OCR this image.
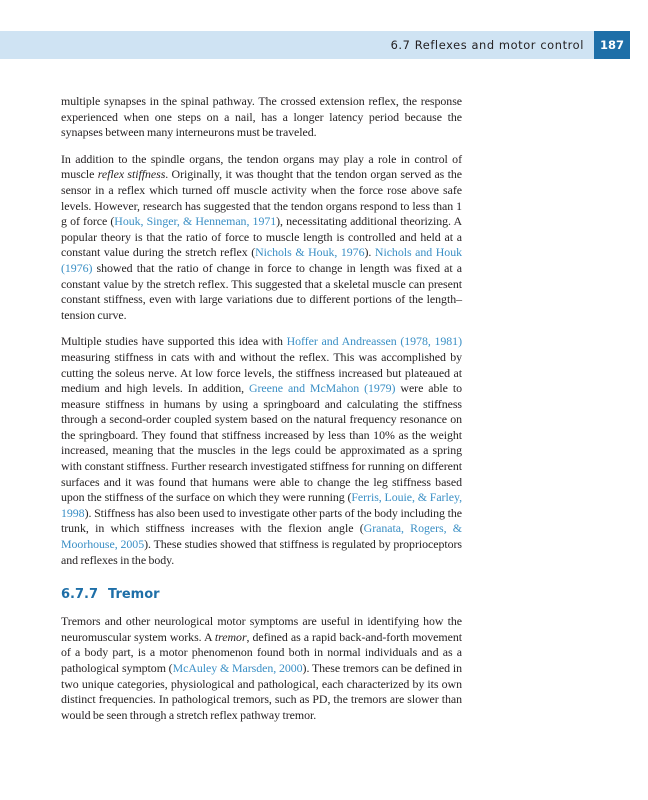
6.7 Reflexes and motor control	187

multiple synapses in the spinal pathway. The crossed extension reflex, the response experienced when one steps on a nail, has a longer latency period because the synapses between many interneurons must be traveled.

In addition to the spindle organs, the tendon organs may play a role in control of muscle reflex stiffness. Originally, it was thought that the tendon organ served as the sensor in a reflex which turned off muscle activity when the force rose above safe levels. However, research has suggested that the tendon organs respond to less than 1 g of force (Houk, Singer, & Henneman, 1971), necessitating additional theorizing. A popular theory is that the ratio of force to muscle length is controlled and held at a constant value during the stretch reflex (Nichols & Houk, 1976). Nichols and Houk (1976) showed that the ratio of change in force to change in length was fixed at a constant value by the stretch reflex. This suggested that a skeletal muscle can present constant stiffness, even with large variations due to different portions of the length–tension curve.

Multiple studies have supported this idea with Hoffer and Andreassen (1978, 1981) measuring stiffness in cats with and without the reflex. This was accomplished by cutting the soleus nerve. At low force levels, the stiffness increased but plateaued at medium and high levels. In addition, Greene and McMahon (1979) were able to measure stiffness in humans by using a springboard and calculating the stiffness through a second-order coupled system based on the natural frequency resonance on the springboard. They found that stiffness increased by less than 10% as the weight increased, meaning that the muscles in the legs could be approximated as a spring with constant stiffness. Further research investigated stiffness for running on different surfaces and it was found that humans were able to change the leg stiffness based upon the stiffness of the surface on which they were running (Ferris, Louie, & Farley, 1998). Stiffness has also been used to investigate other parts of the body including the trunk, in which stiffness increases with the flexion angle (Granata, Rogers, & Moorhouse, 2005). These studies showed that stiffness is regulated by proprioceptors and reflexes in the body.

6.7.7 Tremor

Tremors and other neurological motor symptoms are useful in identifying how the neuromuscular system works. A tremor, defined as a rapid back-and-forth movement of a body part, is a motor phenomenon found both in normal individuals and as a pathological symptom (McAuley & Marsden, 2000). These tremors can be defined in two unique categories, physiological and pathological, each characterized by its own distinct frequencies. In pathological tremors, such as PD, the tremors are slower than would be seen through a stretch reflex pathway tremor.
